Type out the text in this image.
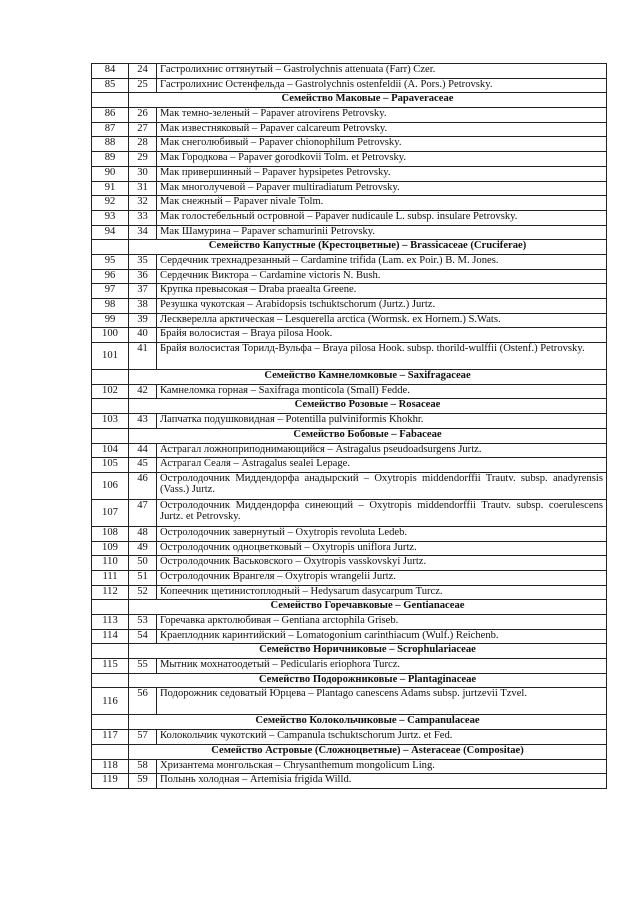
84	24	Гастролихнис оттянутый – Gastrolychnis attenuata (Farr) Czer.
85	25	Гастролихнис Остенфельда – Gastrolychnis ostenfeldii (A. Pors.) Petrovsky.
	Семейство Маковые – Papaveraceae	
86	26	Мак темно-зеленый – Papaver atrovirens Petrovsky.
87	27	Мак известняковый – Papaver calcareum Petrovsky.
88	28	Мак снеголюбивый – Papaver chionophilum Petrovsky.
89	29	Мак Городкова – Papaver gorodkovii Tolm. et Petrovsky.
90	30	Мак привершинный – Papaver hypsipetes Petrovsky.
91	31	Мак многолучевой – Papaver multiradiatum Petrovsky.
92	32	Мак снежный – Papaver nivale Tolm.
93	33	Мак голостебельный островной – Papaver nudicaule L. subsp. insulare Petrovsky.
94	34	Мак Шамурина – Papaver schamurinii Petrovsky.
	Семейство Капустные (Крестоцветные) – Brassicaceae (Cruciferae)	
95	35	Сердечник трехнадрезанный – Cardamine trifida (Lam. ex Poir.) B. M. Jones.
96	36	Сердечник Виктора – Cardamine victoris N. Bush.
97	37	Крупка превысокая – Draba praealta Greene.
98	38	Резушка чукотская – Arabidopsis tschuktschorum (Jurtz.) Jurtz.
99	39	Лескверелла арктическая – Lesquerella arctica (Wormsk. ex Hornem.) S.Wats.
100	40	Брайя волосистая – Braya pilosa Hook.
101	41	Брайя волосистая Торилд-Вульфа – Braya pilosa Hook. subsp. thorild-wulffii (Ostenf.) Petrovsky.
	Семейство Камнеломковые – Saxifragaceae	
102	42	Камнеломка горная – Saxifraga monticola (Small) Fedde.
	Семейство Розовые – Rosaceae	
103	43	Лапчатка подушковидная – Potentilla pulviniformis Khokhr.
	Семейство Бобовые – Fabaceae	
104	44	Астрагал ложноприподнимающийся – Astragalus pseudoadsurgens Jurtz.
105	45	Астрагал Сеаля – Astragalus sealei Lepage.
106	46	Остролодочник Миддендорфа анадырский – Oxytropis middendorffii Trautv. subsp. anadyrensis (Vass.) Jurtz.
107	47	Остролодочник Миддендорфа синеющий – Oxytropis middendorffii Trautv. subsp. coerulescens Jurtz. et Petrovsky.
108	48	Остролодочник завернутый – Oxytropis revoluta Ledeb.
109	49	Остролодочник одноцветковый – Oxytropis uniflora Jurtz.
110	50	Остролодочник Васьковского – Oxytropis vasskovskyi Jurtz.
111	51	Остролодочник Врангеля – Oxytropis wrangelii Jurtz.
112	52	Копеечник щетинистоплодный – Hedysarum dasycarpum Turcz.
	Семейство Горечавковые – Gentianaceae	
113	53	Горечавка арктолюбивая – Gentiana arctophila Griseb.
114	54	Крaеплодник каринтийский – Lomatogonium carinthiacum (Wulf.) Reichenb.
	Семейство Норичниковые – Scrophulariaceae	
115	55	Мытник мохнатоодетый – Pedicularis eriophora Turcz.
	Семейство Подорожниковые – Plantaginaceae	
116	56	Подорожник седоватый Юрцева – Plantago canescens Adams subsp. jurtzevii Tzvel.
	Семейство Колокольчиковые – Campanulaceae	
117	57	Колокольчик чукотский – Campanula tschuktschorum Jurtz. et Fed.
	Семейство Астровые (Сложноцветные) – Asteraceae (Compositae)	
118	58	Хризантема монгольская – Chrysanthemum mongolicum Ling.
119	59	Полынь холодная – Artemisia frigida Willd.
